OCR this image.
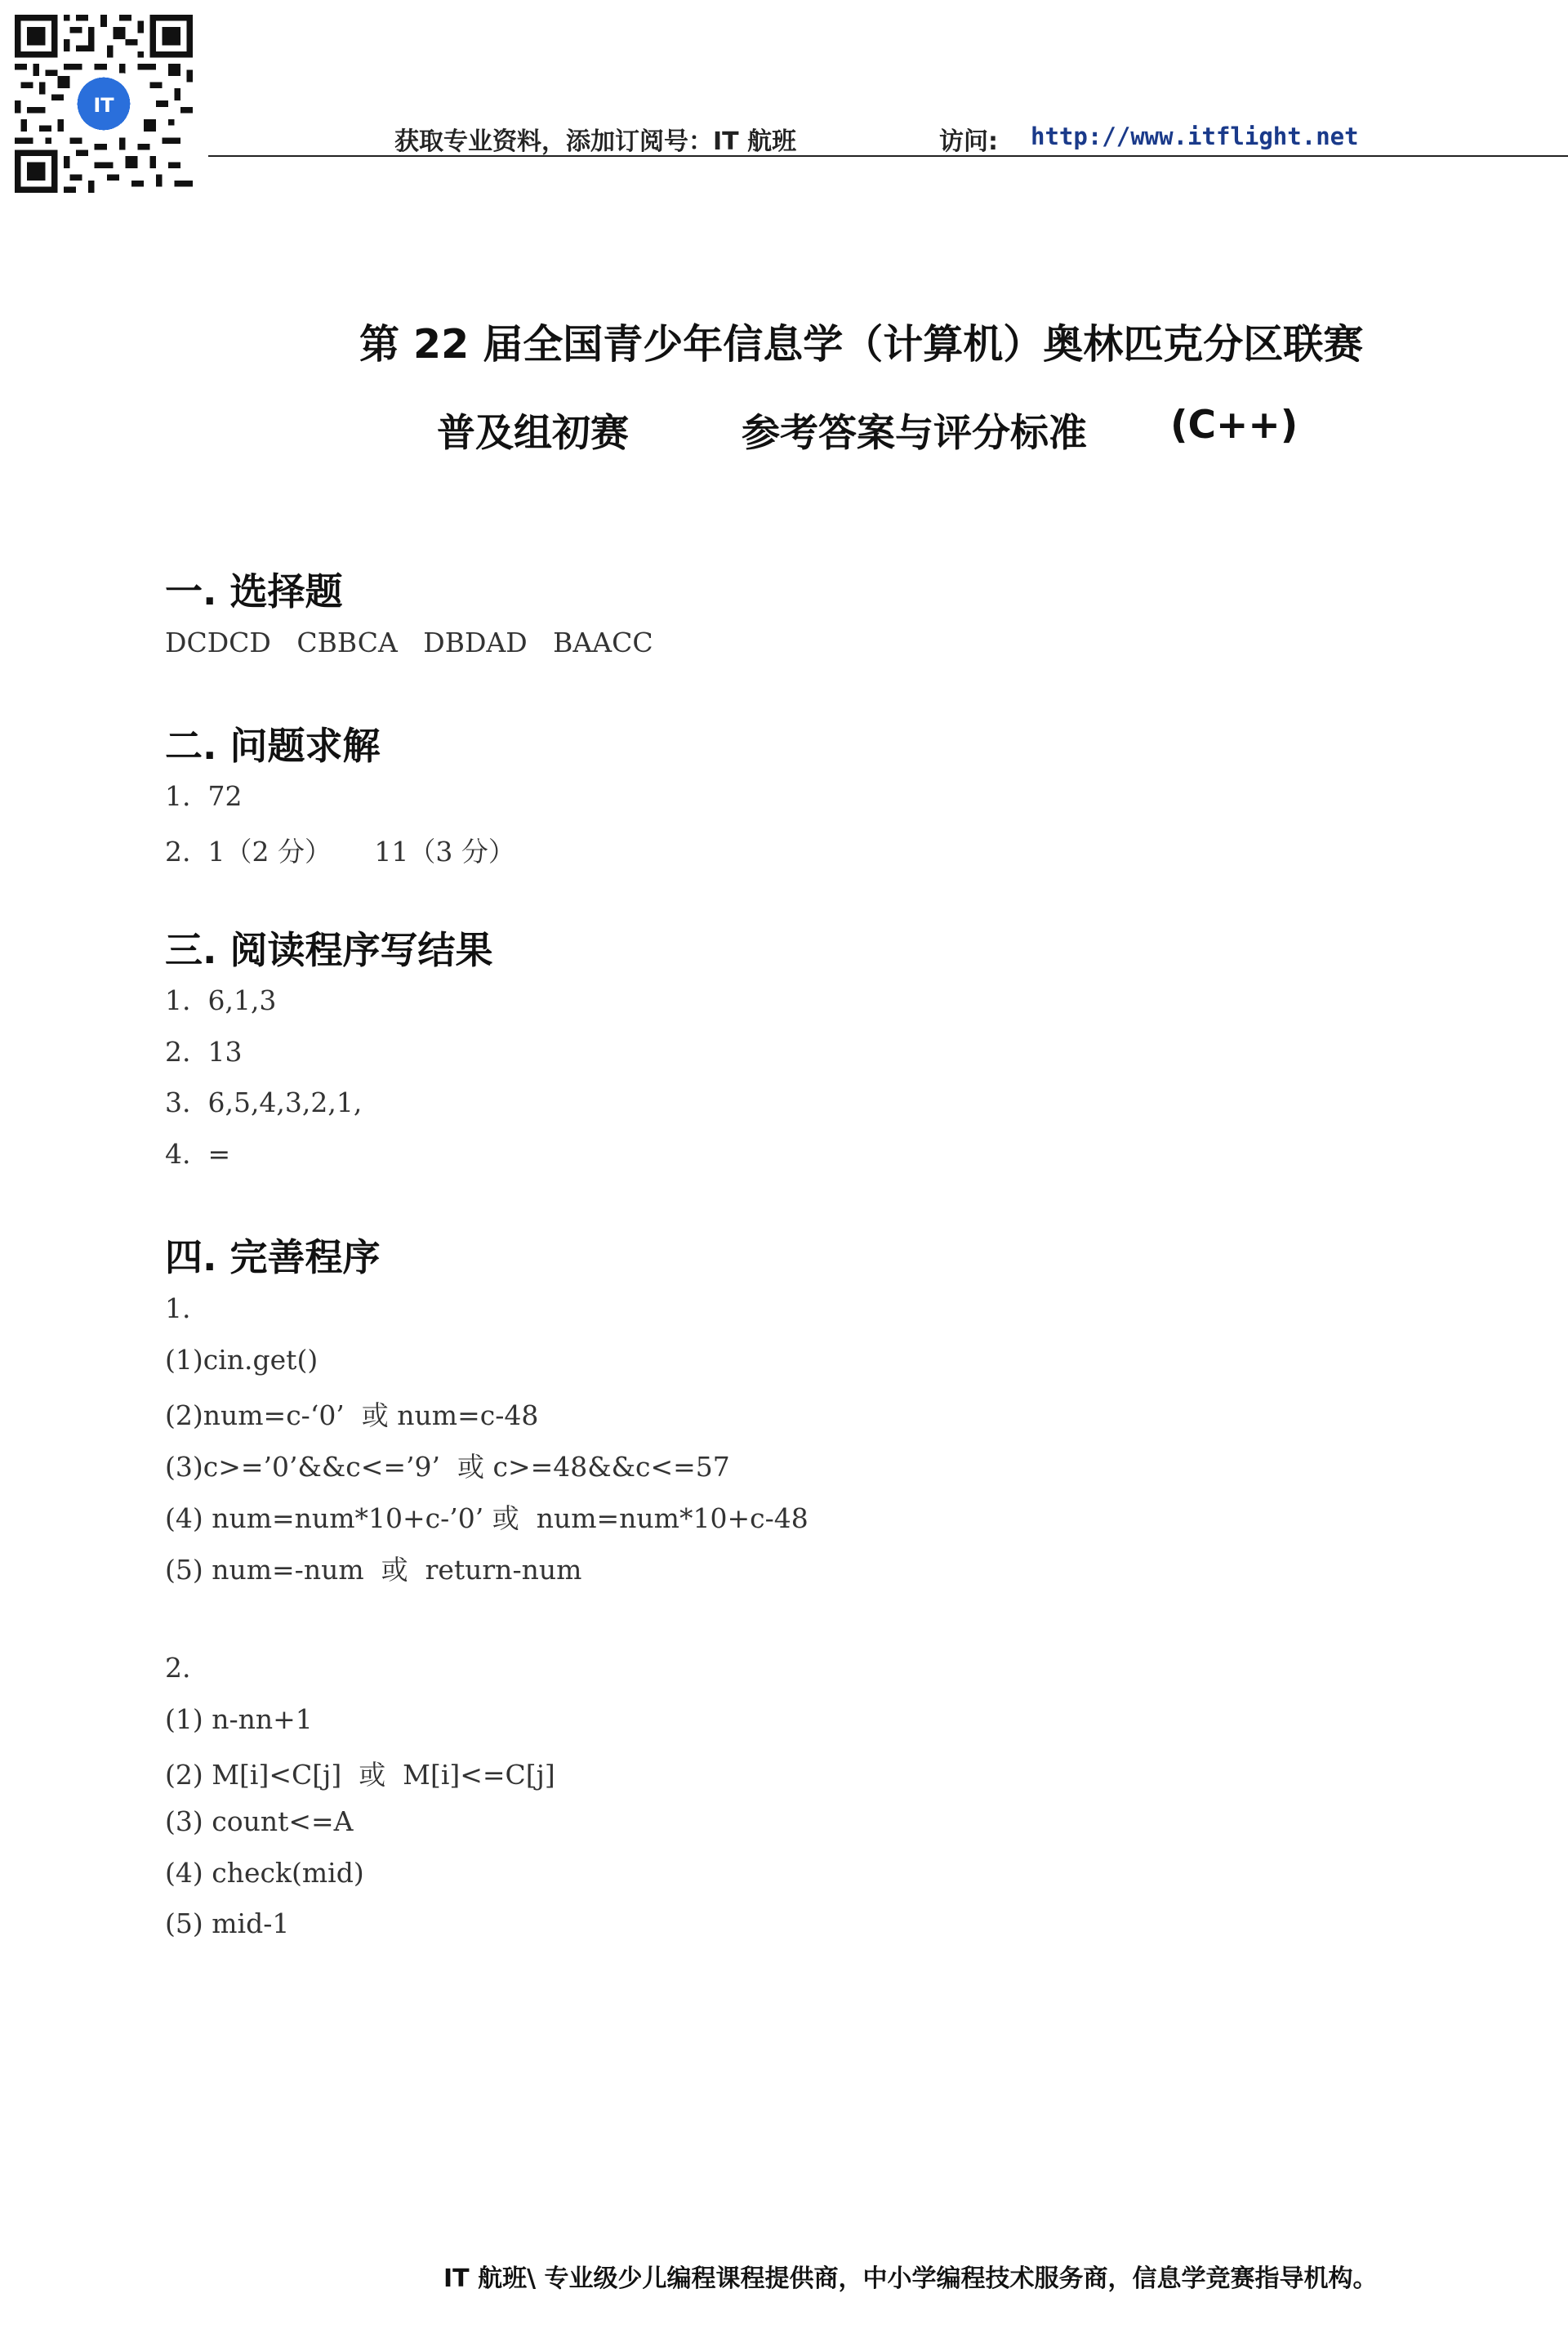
IT
获取专业资料，添加订阅号：IT 航班	访问: http://www.itflight.net
第 22 届全国青少年信息学（计算机）奥林匹克分区联赛
普及组初赛	参考答案与评分标准 (C++)
一. 选择题
DCDCD   CBBCA   DBDAD   BAACC
二. 问题求解
1.  72
2.  1（2 分）     11（3 分）
三. 阅读程序写结果
1.  6,1,3
2.  13
3.  6,5,4,3,2,1,
4.  =
四. 完善程序
1.
(1)cin.get()
(2)num=c-‘0’  或 num=c-48
(3)c>=’0’&&c<=’9’  或 c>=48&&c<=57
(4) num=num*10+c-’0’ 或  num=num*10+c-48
(5) num=-num  或  return-num
2.
(1) n-nn+1
(2) M[i]<C[j]  或  M[i]<=C[j]
(3) count<=A
(4) check(mid)
(5) mid-1
IT 航班\ 专业级少儿编程课程提供商，中小学编程技术服务商，信息学竞赛指导机构。
